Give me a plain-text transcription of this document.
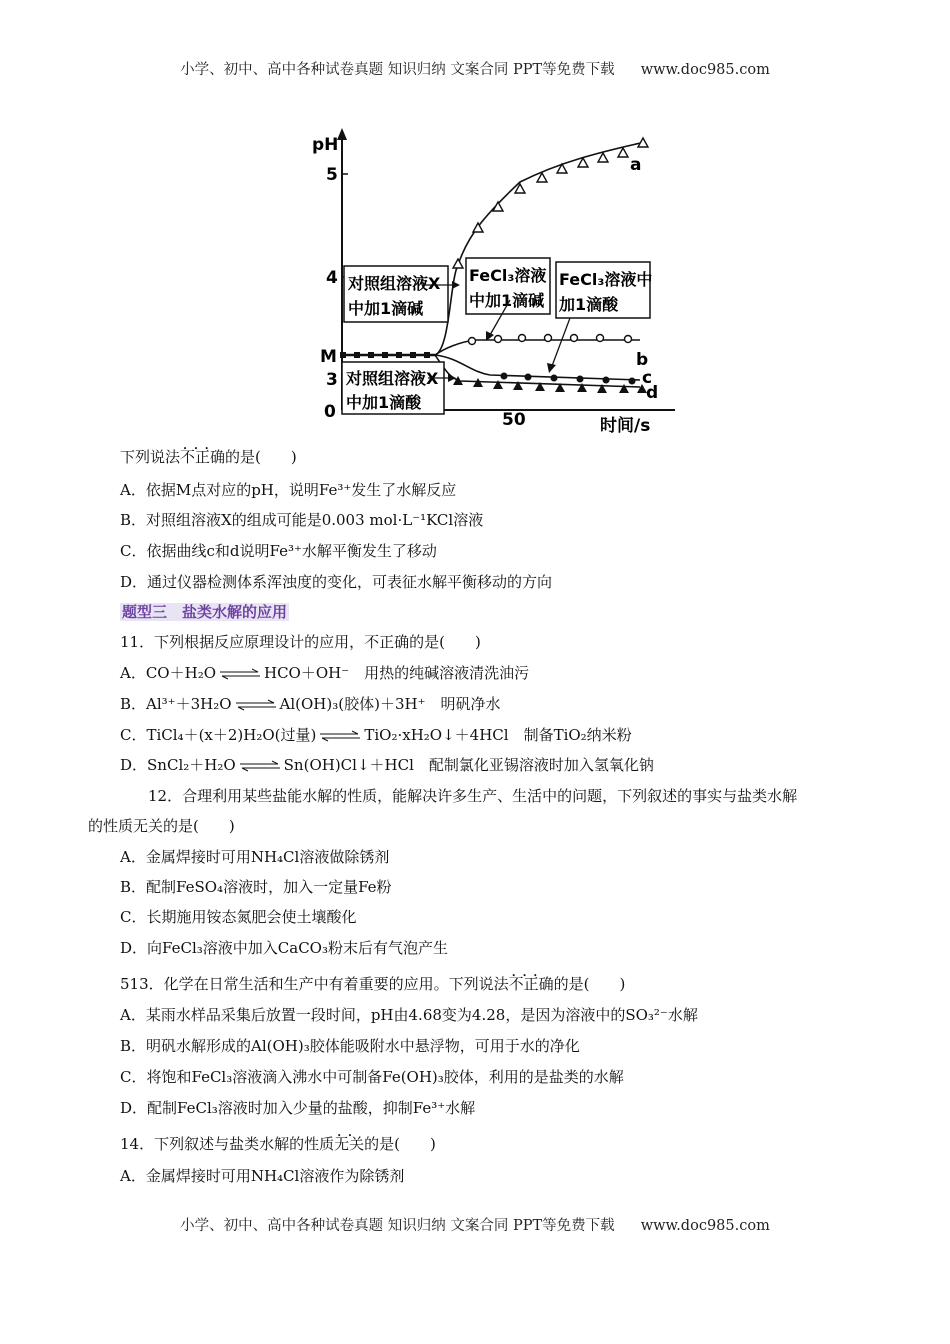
小学、初中、高中各种试卷真题 知识归纳 文案合同 PPT等免费下载 www.doc985.com
pH
5
4
M
3
0	50	时间/s
a
b
c
d
对照组溶液X
中加1滴碱
FeCl₃溶液
中加1滴碱
FeCl₃溶液中
加1滴酸
对照组溶液X
中加1滴酸
下列说法•   • 不正确的是(　　)
A．依据M点对应的pH，说明Fe³⁺发生了水解反应
B．对照组溶液X的组成可能是0.003 mol·L⁻¹KCl溶液
C．依据曲线c和d说明Fe³⁺水解平衡发生了移动
D．通过仪器检测体系浑浊度的变化，可表征水解平衡移动的方向
题型三　盐类水解的应用
11．下列根据反应原理设计的应用，不正确的是(　　)
A．CO＋H₂O ⇌ HCO＋OH⁻　用热的纯碱溶液清洗油污
B．Al³⁺＋3H₂O ⇌ Al(OH)₃(胶体)＋3H⁺　明矾净水
C．TiCl₄＋(x＋2)H₂O(过量) ⇌ TiO₂·xH₂O↓＋4HCl　制备TiO₂纳米粉
D．SnCl₂＋H₂O ⇌ Sn(OH)Cl↓＋HCl　配制氯化亚锡溶液时加入氢氧化钠
12．合理利用某些盐能水解的性质，能解决许多生产、生活中的问题，下列叙述的事实与盐类水解
的性质无关的是(　　)
A．金属焊接时可用NH₄Cl溶液做除锈剂
B．配制FeSO₄溶液时，加入一定量Fe粉
C．长期施用铵态氮肥会使土壤酸化
D．向FeCl₃溶液中加入CaCO₃粉末后有气泡产生
513．化学在日常生活和生产中有着重要的应用。下列说法•   • 不正确的是(　　)
A．某雨水样品采集后放置一段时间，pH由4.68变为4.28，是因为溶液中的SO₃²⁻水解
B．明矾水解形成的Al(OH)₃胶体能吸附水中悬浮物，可用于水的净化
C．将饱和FeCl₃溶液滴入沸水中可制备Fe(OH)₃胶体，利用的是盐类的水解
D．配制FeCl₃溶液时加入少量的盐酸，抑制Fe³⁺水解
14．下列叙述与盐类水解的性质•   • 无关的是(　　)
A．金属焊接时可用NH₄Cl溶液作为除锈剂
小学、初中、高中各种试卷真题 知识归纳 文案合同 PPT等免费下载 www.doc985.com
